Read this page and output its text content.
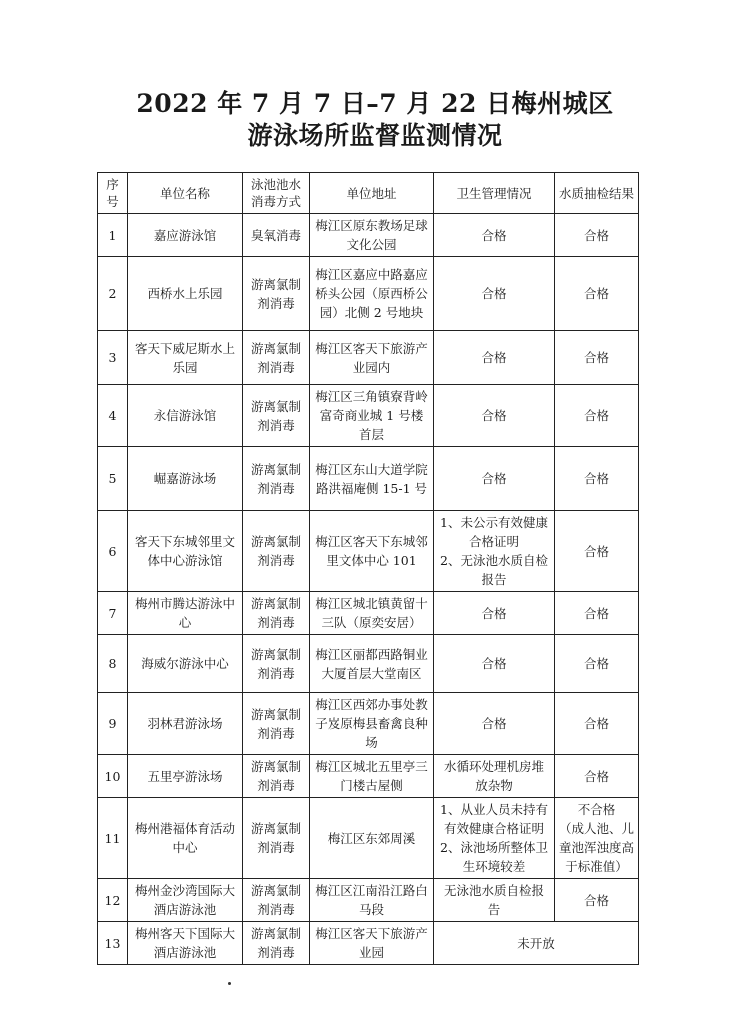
2022 年 7 月 7 日–7 月 22 日梅州城区
游泳场所监督监测情况
序号	单位名称	泳池池水消毒方式	单位地址	卫生管理情况	水质抽检结果
1	嘉应游泳馆	臭氧消毒	梅江区原东教场足球文化公园	合格	合格
2	西桥水上乐园	游离氯制剂消毒	梅江区嘉应中路嘉应桥头公园（原西桥公园）北侧 2 号地块	合格	合格
3	客天下威尼斯水上乐园	游离氯制剂消毒	梅江区客天下旅游产业园内	合格	合格
4	永信游泳馆	游离氯制剂消毒	梅江区三角镇寮背岭富奇商业城 1 号楼首层	合格	合格
5	崛嘉游泳场	游离氯制剂消毒	梅江区东山大道学院路洪福庵侧 15-1 号	合格	合格
6	客天下东城邻里文体中心游泳馆	游离氯制剂消毒	梅江区客天下东城邻里文体中心 101	1、未公示有效健康合格证明
2、无泳池水质自检报告	合格
7	梅州市腾达游泳中心	游离氯制剂消毒	梅江区城北镇黄留十三队（原奕安居）	合格	合格
8	海威尔游泳中心	游离氯制剂消毒	梅江区丽都西路铜业大厦首层大堂南区	合格	合格
9	羽林君游泳场	游离氯制剂消毒	梅江区西郊办事处教子岌原梅县畜禽良种场	合格	合格
10	五里亭游泳场	游离氯制剂消毒	梅江区城北五里亭三门楼古屋侧	水循环处理机房堆放杂物	合格
11	梅州港福体育活动中心	游离氯制剂消毒	梅江区东郊周溪	1、从业人员未持有有效健康合格证明
2、泳池场所整体卫生环境较差	不合格
（成人池、儿童池浑浊度高于标准值）
12	梅州金沙湾国际大酒店游泳池	游离氯制剂消毒	梅江区江南沿江路白马段	无泳池水质自检报告	合格
13	梅州客天下国际大酒店游泳池	游离氯制剂消毒	梅江区客天下旅游产业园	未开放	
